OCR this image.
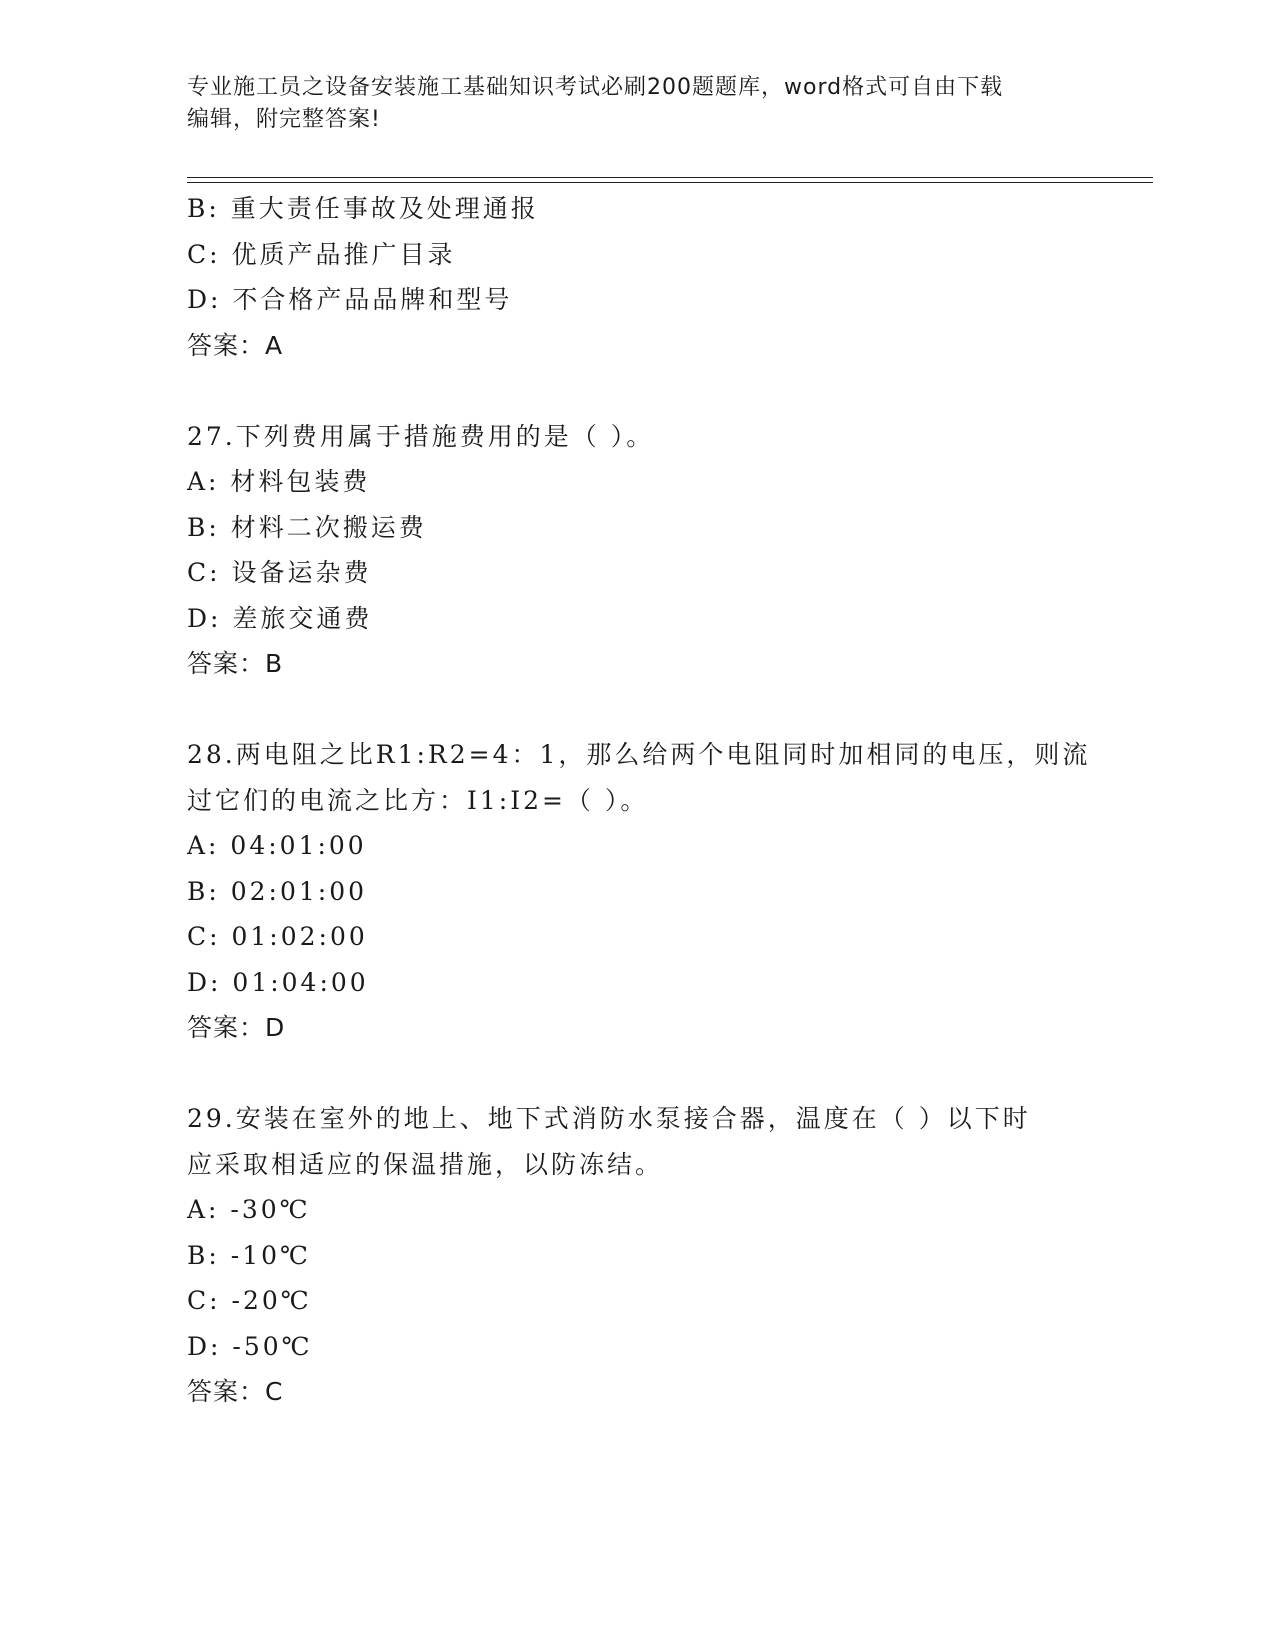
专业施工员之设备安装施工基础知识考试必刷200题题库，word格式可自由下载
编辑，附完整答案!

B: 重大责任事故及处理通报

C: 优质产品推广目录

D: 不合格产品品牌和型号

答案：A

27.下列费用属于措施费用的是（ ）。

A: 材料包装费

B: 材料二次搬运费

C: 设备运杂费

D: 差旅交通费

答案：B

28.两电阻之比R1:R2=4：1，那么给两个电阻同时加相同的电压，则流

过它们的电流之比方：I1:I2=（ ）。

A: 04:01:00

B: 02:01:00

C: 01:02:00

D: 01:04:00

答案：D

29.安装在室外的地上、地下式消防水泵接合器，温度在（ ）以下时

应采取相适应的保温措施，以防冻结。

A: -30℃

B: -10℃

C: -20℃

D: -50℃

答案：C
